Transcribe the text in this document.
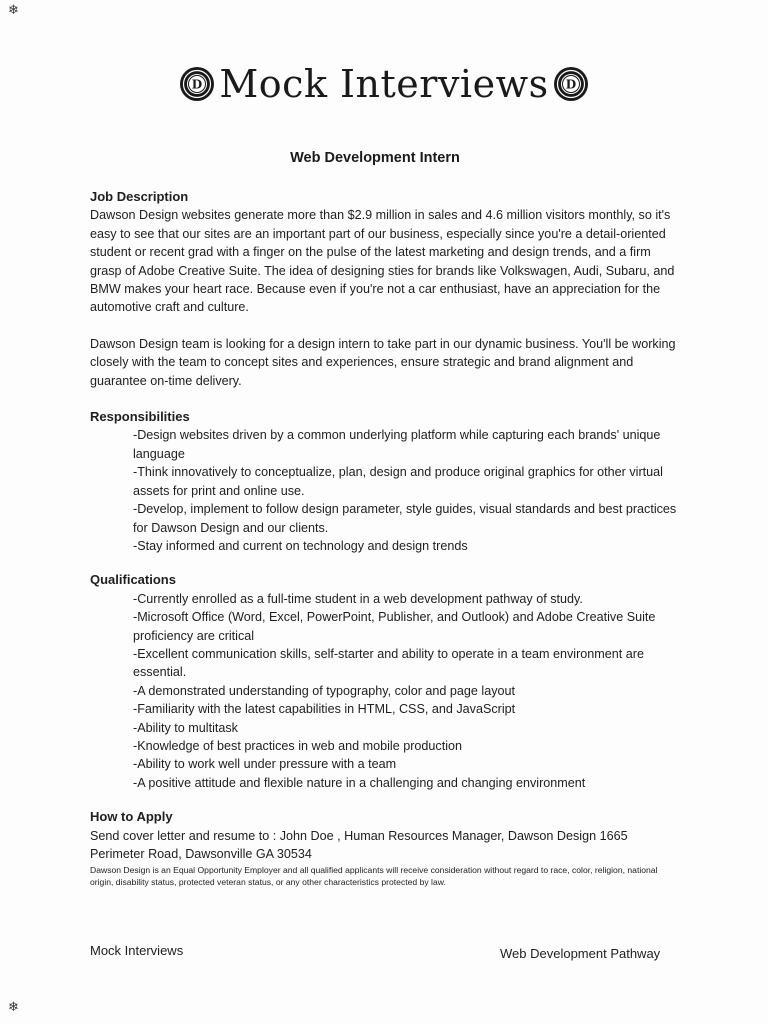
❄
❄
D Mock Interviews D
Web Development Intern

Job Description

Dawson Design websites generate more than $2.9 million in sales and 4.6 million visitors monthly, so it's easy to see that our sites are an important part of our business, especially since you're a detail-oriented student or recent grad with a finger on the pulse of the latest marketing and design trends, and a firm grasp of Adobe Creative Suite. The idea of designing sties for brands like Volkswagen, Audi, Subaru, and BMW makes your heart race. Because even if you're not a car enthusiast, have an appreciation for the automotive craft and culture.

Dawson Design team is looking for a design intern to take part in our dynamic business. You'll be working closely with the team to concept sites and experiences, ensure strategic and brand alignment and guarantee on-time delivery.

Responsibilities

-Design websites driven by a common underlying platform while capturing each brands' unique language
-Think innovatively to conceptualize, plan, design and produce original graphics for other virtual assets for print and online use.
-Develop, implement to follow design parameter, style guides, visual standards and best practices for Dawson Design and our clients.
-Stay informed and current on technology and design trends

Qualifications

-Currently enrolled as a full-time student in a web development pathway of study.
-Microsoft Office (Word, Excel, PowerPoint, Publisher, and Outlook) and Adobe Creative Suite proficiency are critical
-Excellent communication skills, self-starter and ability to operate in a team environment are essential.
-A demonstrated understanding of typography, color and page layout
-Familiarity with the latest capabilities in HTML, CSS, and JavaScript
-Ability to multitask
-Knowledge of best practices in web and mobile production
-Ability to work well under pressure with a team
-A positive attitude and flexible nature in a challenging and changing environment

How to Apply

Send cover letter and resume to : John Doe , Human Resources Manager, Dawson Design 1665 Perimeter Road, Dawsonville GA 30534

Dawson Design is an Equal Opportunity Employer and all qualified applicants will receive consideration without regard to race, color, religion, national origin, disability status, protected veteran status, or any other characteristics protected by law.

Mock Interviews	Web Development Pathway
